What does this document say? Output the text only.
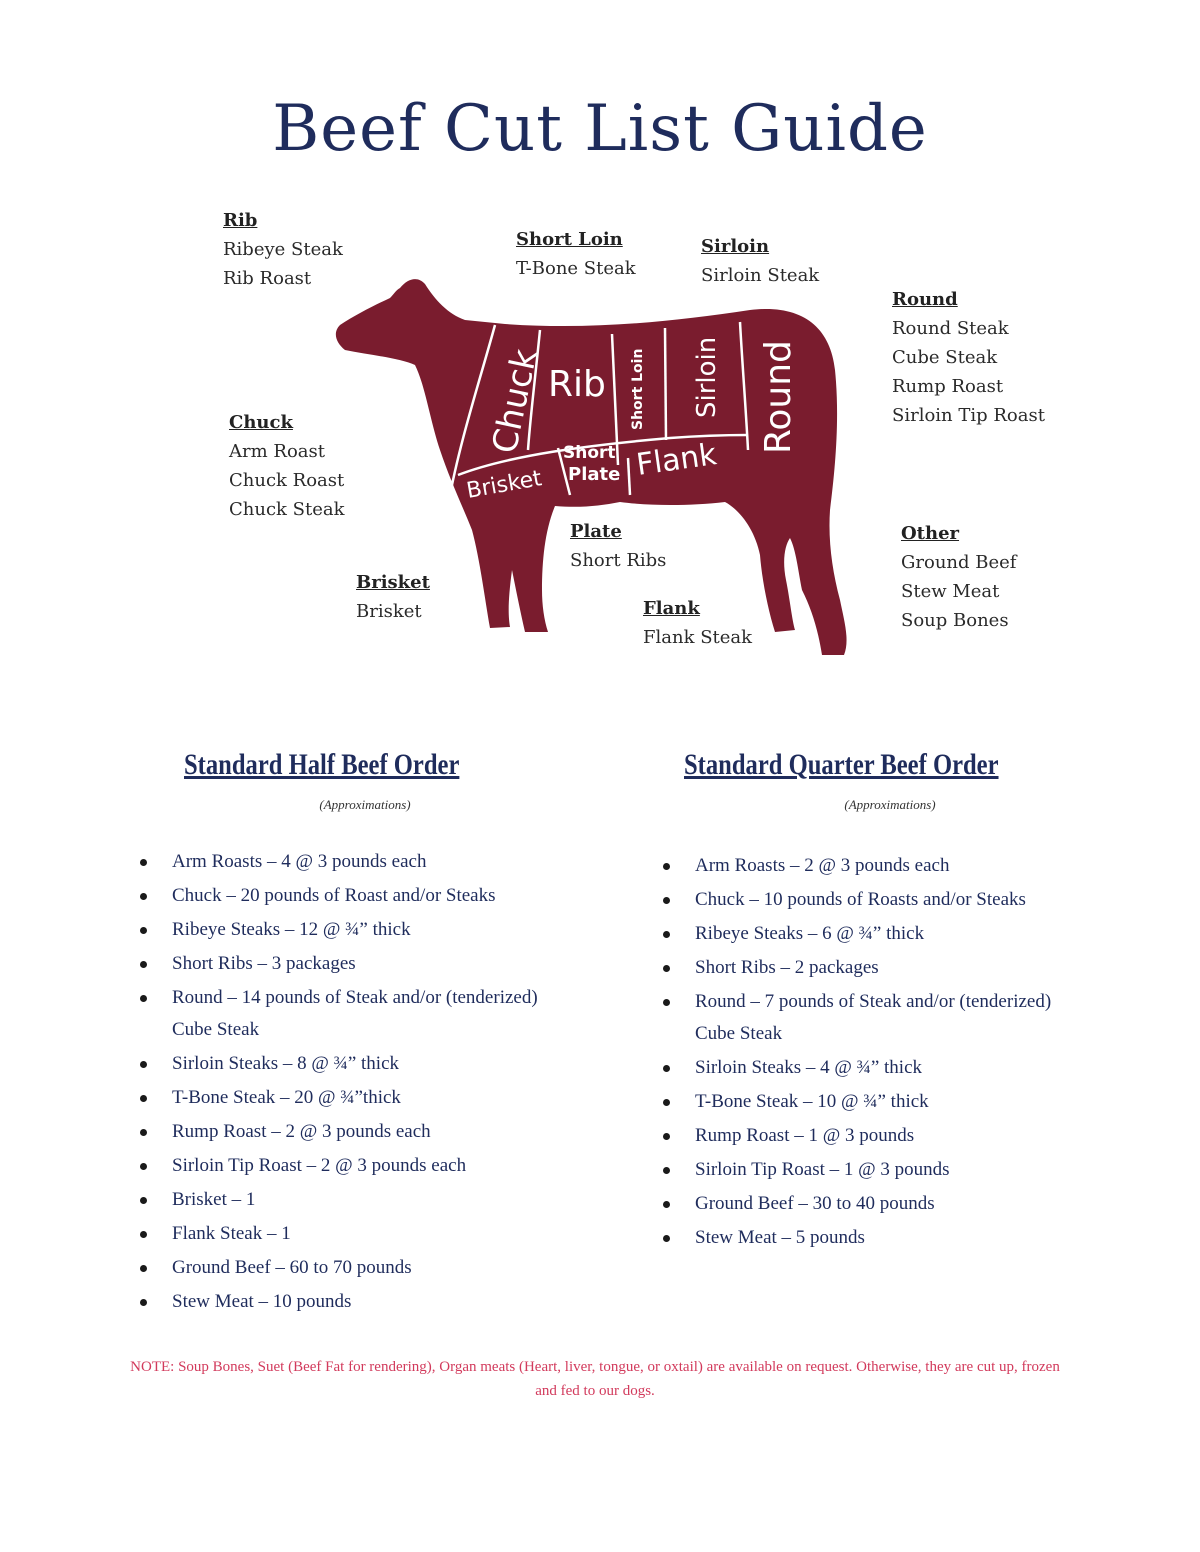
Beef Cut List Guide
Rib
Ribeye Steak
Rib Roast
Short Loin
T-Bone Steak
Sirloin
Sirloin Steak
Round
Round Steak
Cube Steak
Rump Roast
Sirloin Tip Roast
Chuck
Arm Roast
Chuck Roast
Chuck Steak
Other
Ground Beef
Stew Meat
Soup Bones
Plate
Short Ribs
Brisket
Brisket	Flank
Flank Steak
Chuck Rib Short Loin Sirloin Round
Brisket
Short
Plate Flank
Standard Half Beef Order
(Approximations)
Arm Roasts – 4 @ 3 pounds each
Chuck – 20 pounds of Roast and/or Steaks
Ribeye Steaks – 12 @ ¾” thick
Short Ribs – 3 packages
Round – 14 pounds of Steak and/or (tenderized) Cube Steak
Sirloin Steaks – 8 @ ¾” thick
T-Bone Steak – 20 @ ¾”thick
Rump Roast – 2 @ 3 pounds each
Sirloin Tip Roast – 2 @ 3 pounds each
Brisket – 1
Flank Steak – 1
Ground Beef – 60 to 70 pounds
Stew Meat – 10 pounds
Standard Quarter Beef Order
(Approximations)
Arm Roasts – 2 @ 3 pounds each
Chuck – 10 pounds of Roasts and/or Steaks
Ribeye Steaks – 6 @ ¾” thick
Short Ribs – 2 packages
Round – 7 pounds of Steak and/or (tenderized) Cube Steak
Sirloin Steaks – 4 @ ¾” thick
T-Bone Steak – 10 @ ¾” thick
Rump Roast – 1 @ 3 pounds
Sirloin Tip Roast – 1 @ 3 pounds
Ground Beef – 30 to 40 pounds
Stew Meat – 5 pounds
NOTE: Soup Bones, Suet (Beef Fat for rendering), Organ meats (Heart, liver, tongue, or oxtail) are available on request. Otherwise, they are cut up, frozen and fed to our dogs.
